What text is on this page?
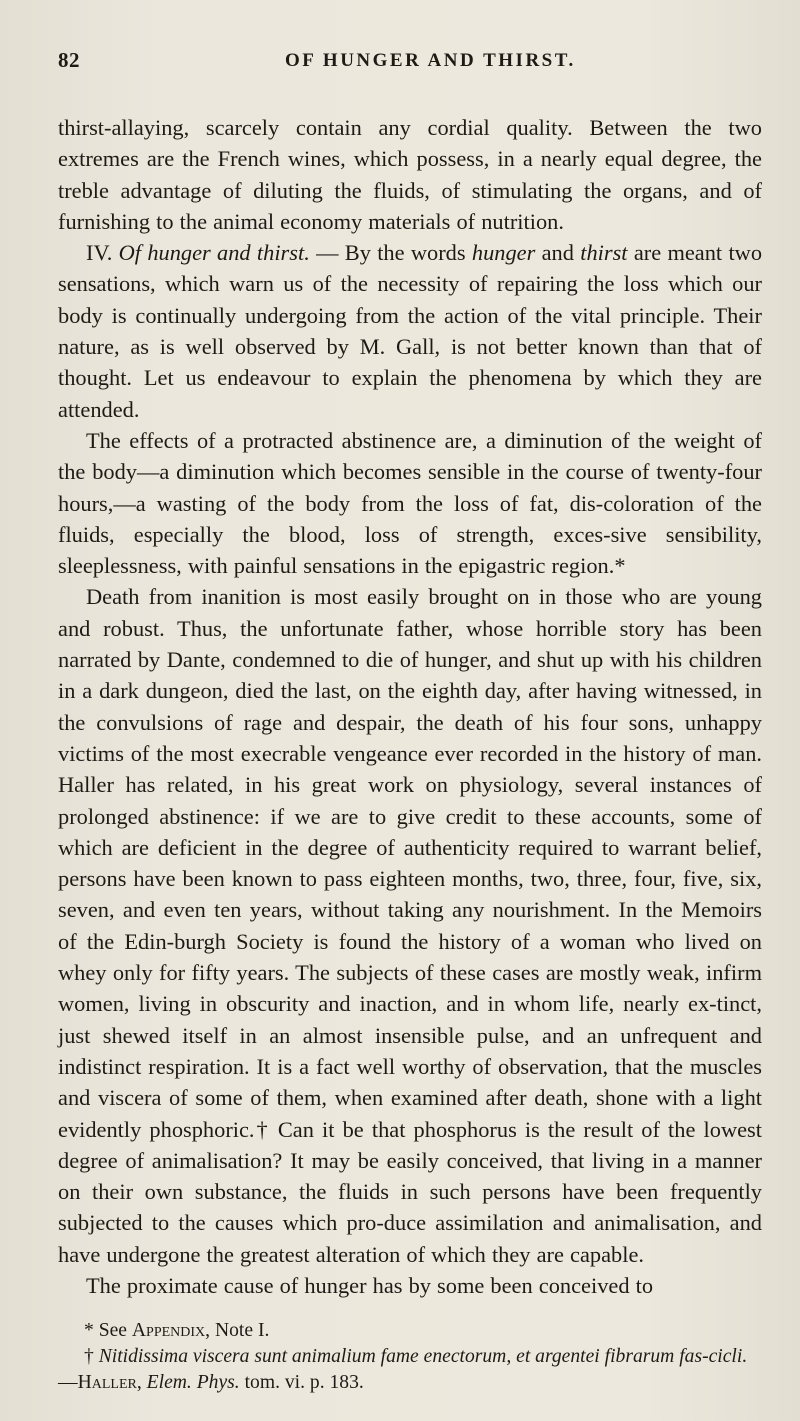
82	OF HUNGER AND THIRST.

thirst-allaying, scarcely contain any cordial quality. Between the two extremes are the French wines, which possess, in a nearly equal degree, the treble advantage of diluting the fluids, of stimulating the organs, and of furnishing to the animal economy materials of nutrition.

IV. Of hunger and thirst. — By the words hunger and thirst are meant two sensations, which warn us of the necessity of repairing the loss which our body is continually undergoing from the action of the vital principle. Their nature, as is well observed by M. Gall, is not better known than that of thought. Let us endeavour to explain the phenomena by which they are attended.

The effects of a protracted abstinence are, a diminution of the weight of the body—a diminution which becomes sensible in the course of twenty-four hours,—a wasting of the body from the loss of fat, dis-coloration of the fluids, especially the blood, loss of strength, exces-sive sensibility, sleeplessness, with painful sensations in the epigastric region.*

Death from inanition is most easily brought on in those who are young and robust. Thus, the unfortunate father, whose horrible story has been narrated by Dante, condemned to die of hunger, and shut up with his children in a dark dungeon, died the last, on the eighth day, after having witnessed, in the convulsions of rage and despair, the death of his four sons, unhappy victims of the most execrable vengeance ever recorded in the history of man. Haller has related, in his great work on physiology, several instances of prolonged abstinence: if we are to give credit to these accounts, some of which are deficient in the degree of authenticity required to warrant belief, persons have been known to pass eighteen months, two, three, four, five, six, seven, and even ten years, without taking any nourishment. In the Memoirs of the Edin-burgh Society is found the history of a woman who lived on whey only for fifty years. The subjects of these cases are mostly weak, infirm women, living in obscurity and inaction, and in whom life, nearly ex-tinct, just shewed itself in an almost insensible pulse, and an unfrequent and indistinct respiration. It is a fact well worthy of observation, that the muscles and viscera of some of them, when examined after death, shone with a light evidently phosphoric.† Can it be that phosphorus is the result of the lowest degree of animalisation? It may be easily conceived, that living in a manner on their own substance, the fluids in such persons have been frequently subjected to the causes which pro-duce assimilation and animalisation, and have undergone the greatest alteration of which they are capable.

The proximate cause of hunger has by some been conceived to

* See Appendix, Note I.

† Nitidissima viscera sunt animalium fame enectorum, et argentei fibrarum fas-cicli.—Haller, Elem. Phys. tom. vi. p. 183.
